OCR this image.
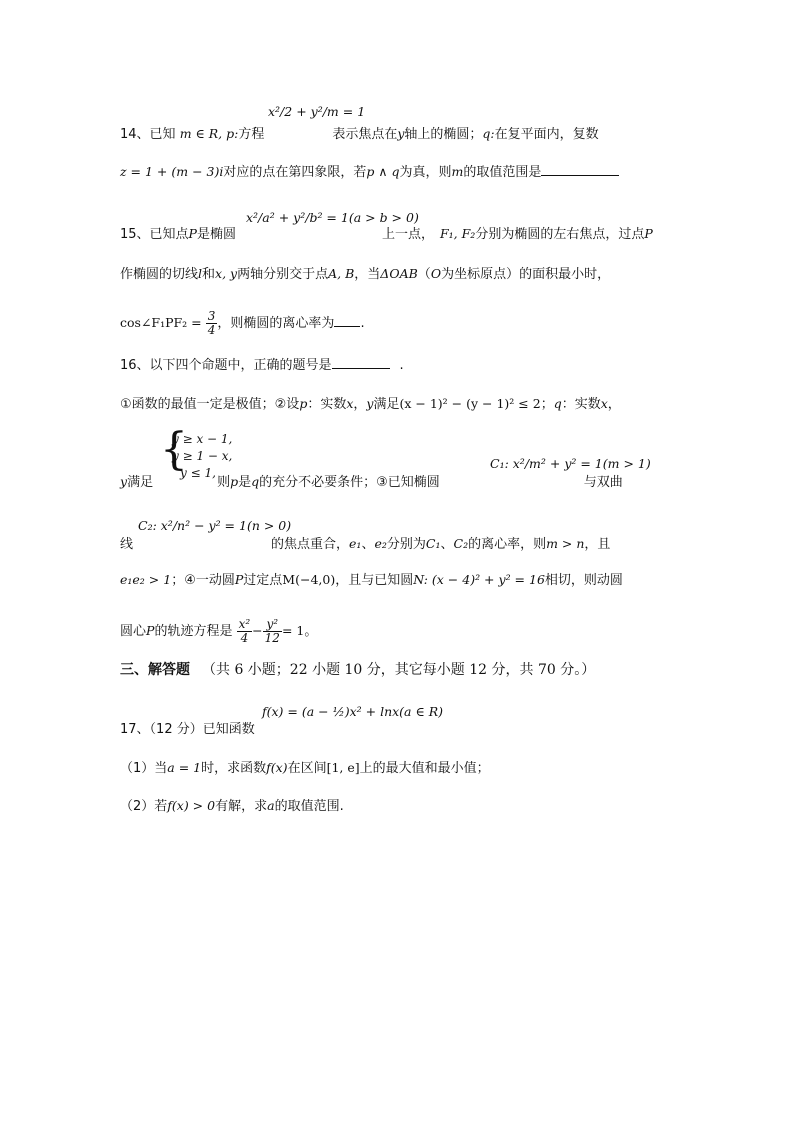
x²/2 + y²/m = 1
14、已知 m ∈ R, p:方程	表示焦点在y轴上的椭圆；q:在复平面内，复数
z = 1 + (m − 3)i对应的点在第四象限，若p ∧ q为真，则m的取值范围是
x²/a² + y²/b² = 1(a > b > 0)
15、已知点P是椭圆	上一点， F₁, F₂分别为椭圆的左右焦点，过点P
作椭圆的切线l和x, y两轴分别交于点A, B，当ΔOAB（O为坐标原点）的面积最小时，
cos∠F₁PF₂ = $\frac{3}{4}$ ，则椭圆的离心率为 .
16、以下四个命题中，正确的题号是	.
①函数的最值一定是极值；②设p：实数x，y满足(x − 1)² − (y − 1)² ≤ 2；q：实数x，
{
y ≥ x − 1,
y ≥ 1 − x,
y ≤ 1,
C₁: x²/m² + y² = 1(m > 1)
y满足	则p是q的充分不必要条件；③已知椭圆	与双曲
C₂: x²/n² − y² = 1(n > 0)
线	的焦点重合，e₁、e₂分别为C₁、C₂的离心率，则m > n，且
e₁e₂ > 1；④一动圆P过定点M(−4,0)，且与已知圆N: (x − 4)² + y² = 16相切，则动圆
圆心P的轨迹方程是 $\frac{\text{x²}}{4} - \frac{\text{y²}}{12} = 1$。
三、解答题 （共 6 小题；22 小题 10 分，其它每小题 12 分，共 70 分。）
f(x) = (a − ½)x² + lnx(a ∈ R)
17、（12 分）已知函数
（1）当a = 1时，求函数f(x)在区间[1, e]上的最大值和最小值；
（2）若f(x) > 0有解，求a的取值范围.
